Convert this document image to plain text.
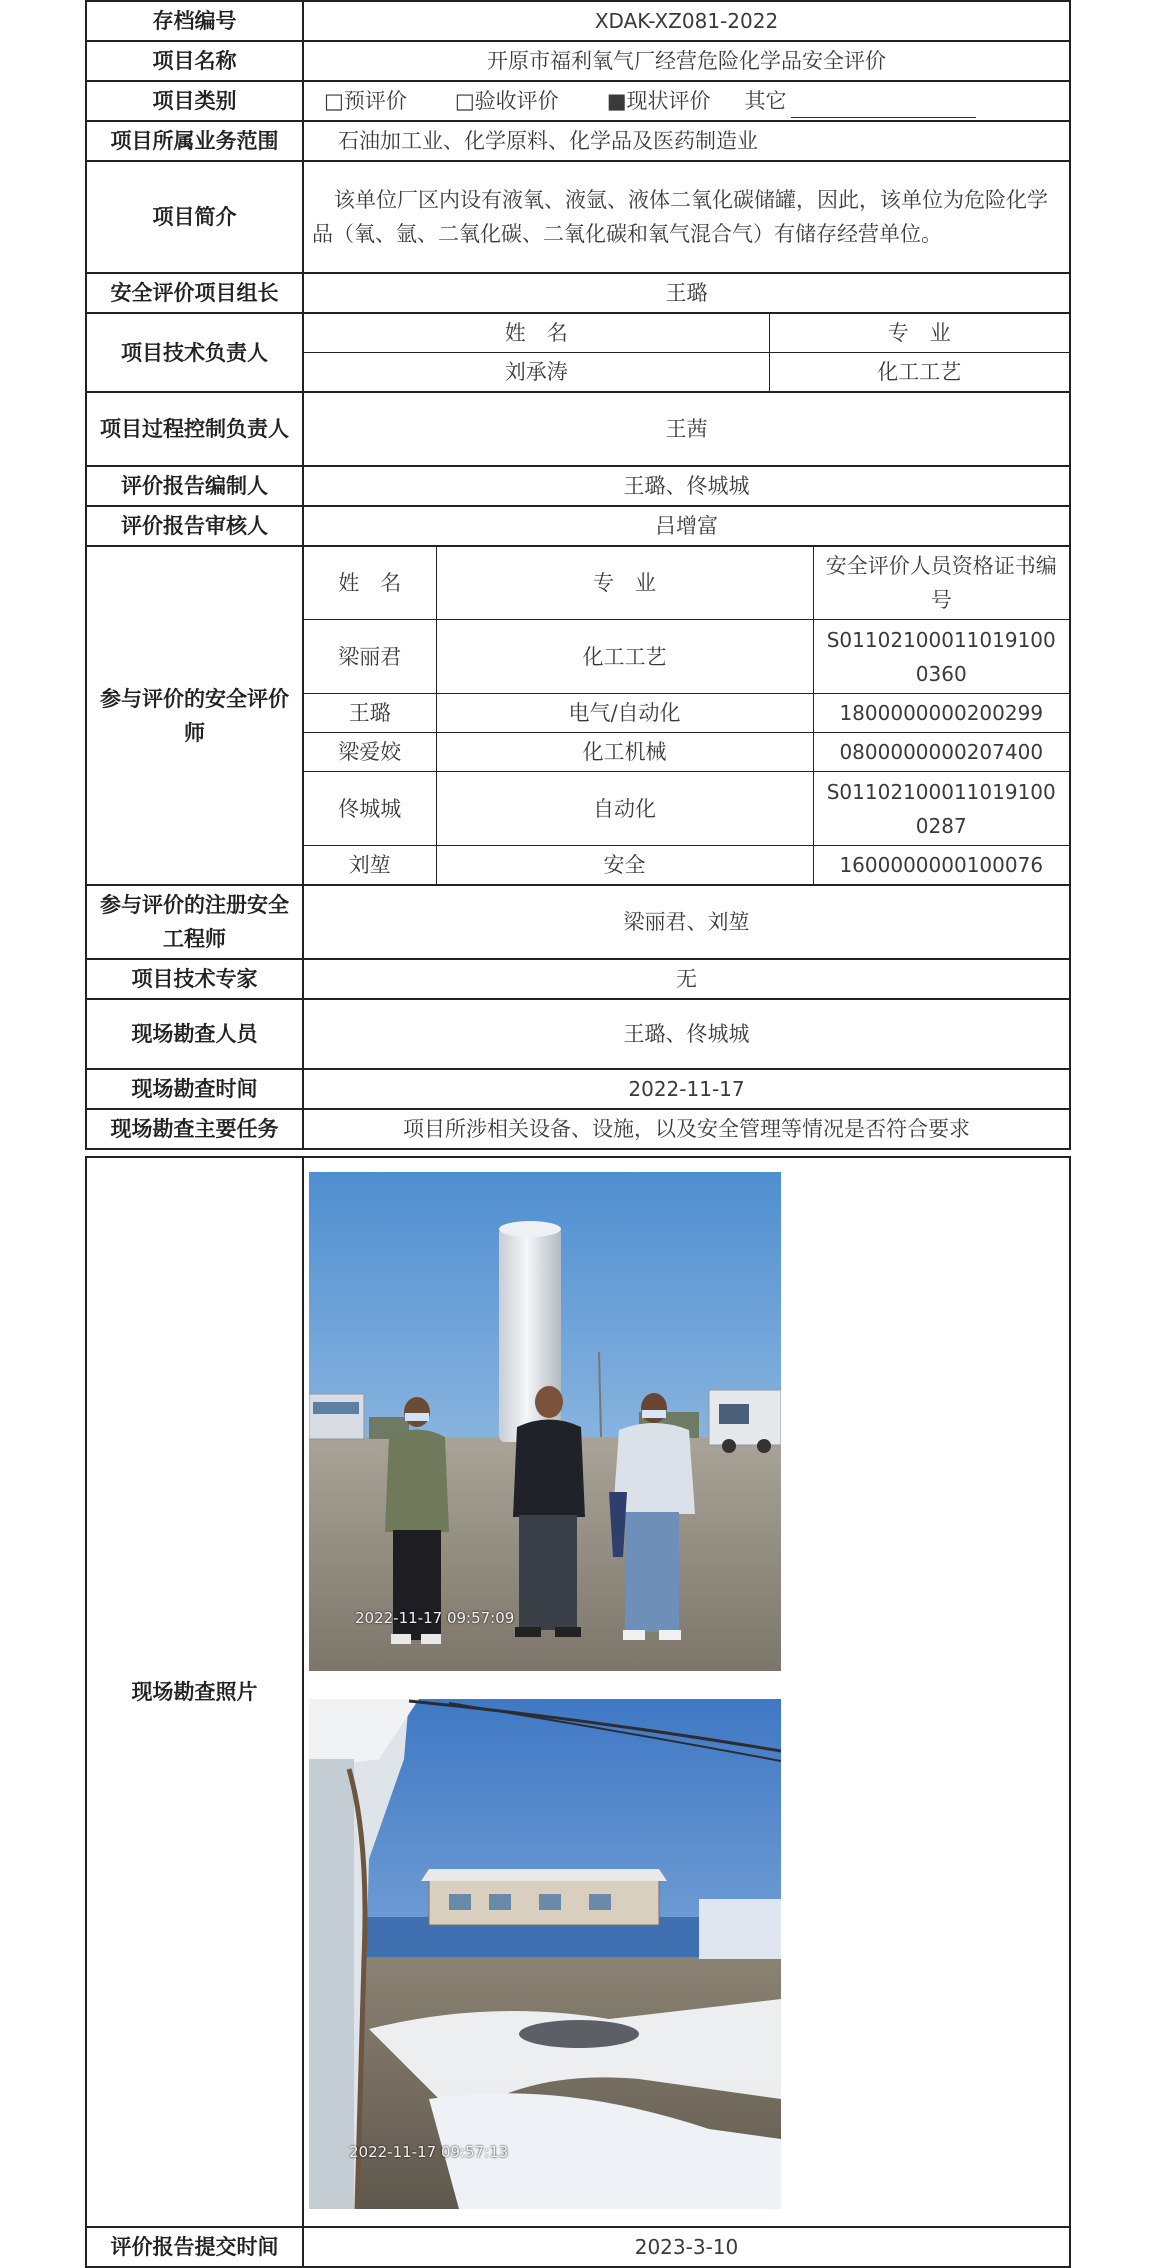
存档编号	XDAK-XZ081-2022
项目名称	开原市福利氧气厂经营危险化学品安全评价
项目类别	□预评价 □验收评价 ■现状评价 其它
项目所属业务范围	石油加工业、化学原料、化学品及医药制造业
项目简介	该单位厂区内设有液氧、液氩、液体二氧化碳储罐，因此，该单位为危险化学品（氧、氩、二氧化碳、二氧化碳和氧气混合气）有储存经营单位。
安全评价项目组长	王璐
项目技术负责人	
姓　名	专　业
刘承涛	化工工艺

项目过程控制负责人	王茜
评价报告编制人	王璐、佟城城
评价报告审核人	吕增富
参与评价的安全评价师	
姓　名	专　业	安全评价人员资格证书编号
梁丽君	化工工艺	S011021000110191000360
王璐	电气/自动化	1800000000200299
梁爱姣	化工机械	0800000000207400
佟城城	自动化	S011021000110191000287
刘堃	安全	1600000000100076

参与评价的注册安全工程师	梁丽君、刘堃
项目技术专家	无
现场勘查人员	王璐、佟城城
现场勘查时间	2022-11-17
现场勘查主要任务	项目所涉相关设备、设施，以及安全管理等情况是否符合要求
现场勘查照片	2022-11-17 09:57:09
2022-11-17 09:57:13

评价报告提交时间	2023-3-10
